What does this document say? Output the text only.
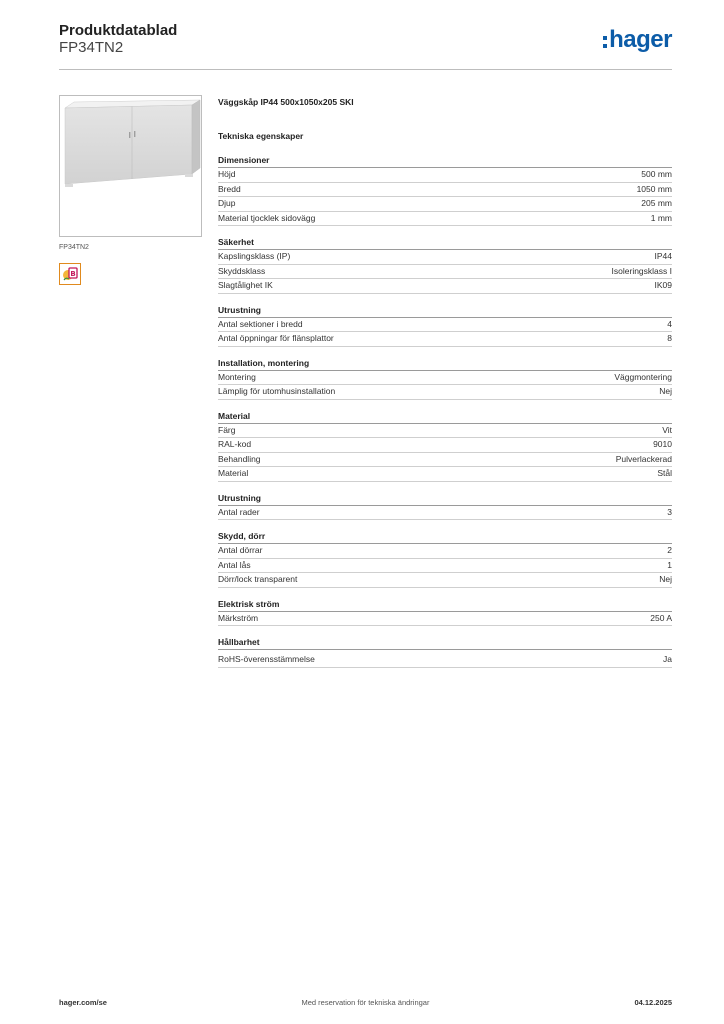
Produktdatablad
FP34TN2	hager
FP34TN2
B
Väggskåp IP44 500x1050x205 SKI
Tekniska egenskaper
Dimensioner
Höjd	500 mm
Bredd	1050 mm
Djup	205 mm
Material tjocklek sidovägg	1 mm
Säkerhet
Kapslingsklass (IP)	IP44
Skyddsklass	Isoleringsklass I
Slagtålighet IK	IK09
Utrustning
Antal sektioner i bredd	4
Antal öppningar för flänsplattor	8
Installation, montering
Montering	Väggmontering
Lämplig för utomhusinstallation	Nej
Material
Färg	Vit
RAL-kod	9010
Behandling	Pulverlackerad
Material	Stål
Utrustning
Antal rader	3
Skydd, dörr
Antal dörrar	2
Antal lås	1
Dörr/lock transparent	Nej
Elektrisk ström
Märkström	250 A
Hållbarhet
RoHS-överensstämmelse	Ja
hager.com/se	Med reservation för tekniska ändringar	04.12.2025
